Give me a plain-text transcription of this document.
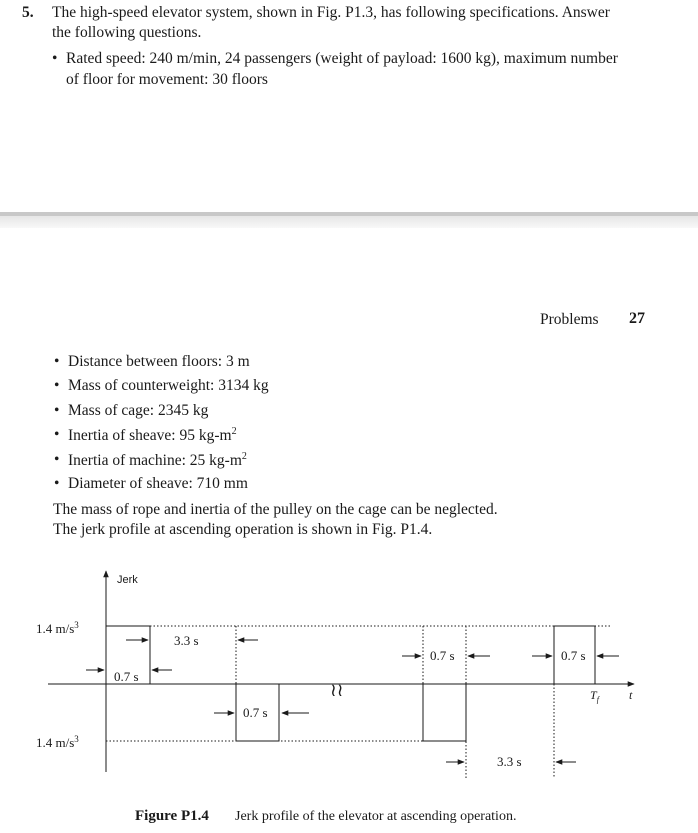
5. The high-speed elevator system, shown in Fig. P1.3, has following specifications. Answer
the following questions.
• Rated speed: 240 m/min, 24 passengers (weight of payload: 1600 kg), maximum number
of floor for movement: 30 floors
Problems 27
• Distance between floors: 3 m
• Mass of counterweight: 3134 kg
• Mass of cage: 2345 kg
• Inertia of sheave: 95 $kg-m^2$
• Inertia of machine: 25 $kg-m^2$
• Diameter of sheave: 710 mm
The mass of rope and inertia of the pulley on the cage can be neglected.
The jerk profile at ascending operation is shown in Fig. P1.4.
Jerk
1.4 $m/s^3$
1.4 $m/s^3$
0.7 s
3.3 s
0.7 s
0.7 s	0.7 s
3.3 s
≀≀	$T_f$	t
Figure P1.4 Jerk profile of the elevator at ascending operation.
